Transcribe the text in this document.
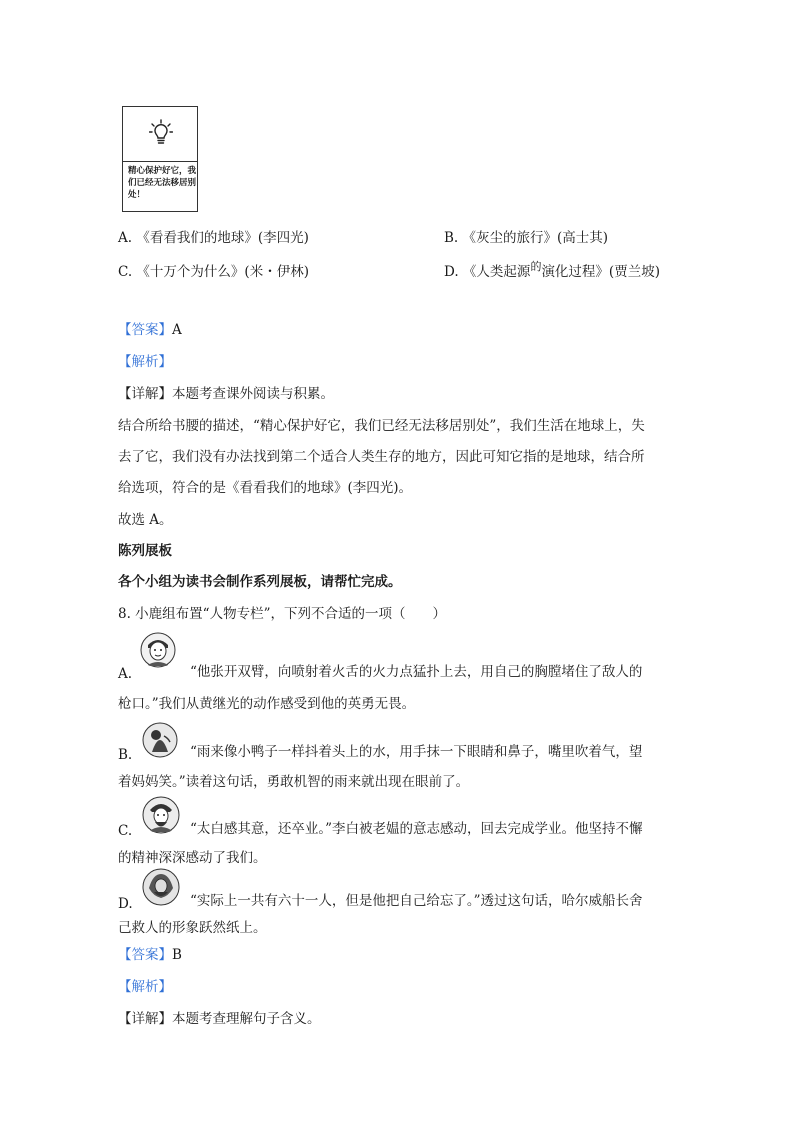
精心保护好它，我们已经无法移居别处！
A. 《看看我们的地球》(李四光)	B. 《灰尘的旅行》(高士其)
C. 《十万个为什么》(米・伊林)	D. 《人类起源$^的$演化过程》(贾兰坡)
【答案】A
【解析】
【详解】本题考查课外阅读与积累。
结合所给书腰的描述，“精心保护好它，我们已经无法移居别处”，我们生活在地球上，失
去了它，我们没有办法找到第二个适合人类生存的地方，因此可知它指的是地球，结合所
给选项，符合的是《看看我们的地球》(李四光)。
故选 A。
陈列展板
各个小组为读书会制作系列展板，请帮忙完成。
8. 小鹿组布置“人物专栏”，下列不合适的一项（　　）
A.	“他张开双臂，向喷射着火舌的火力点猛扑上去，用自己的胸膛堵住了敌人的
枪口。”我们从黄继光的动作感受到他的英勇无畏。
B.	“雨来像小鸭子一样抖着头上的水，用手抹一下眼睛和鼻子，嘴里吹着气，望
着妈妈笑。”读着这句话，勇敢机智的雨来就出现在眼前了。
C.	“太白感其意，还卒业。”李白被老媪的意志感动，回去完成学业。他坚持不懈
的精神深深感动了我们。
D.	“实际上一共有六十一人，但是他把自己给忘了。”透过这句话，哈尔威船长舍
己救人的形象跃然纸上。
【答案】B
【解析】
【详解】本题考查理解句子含义。
